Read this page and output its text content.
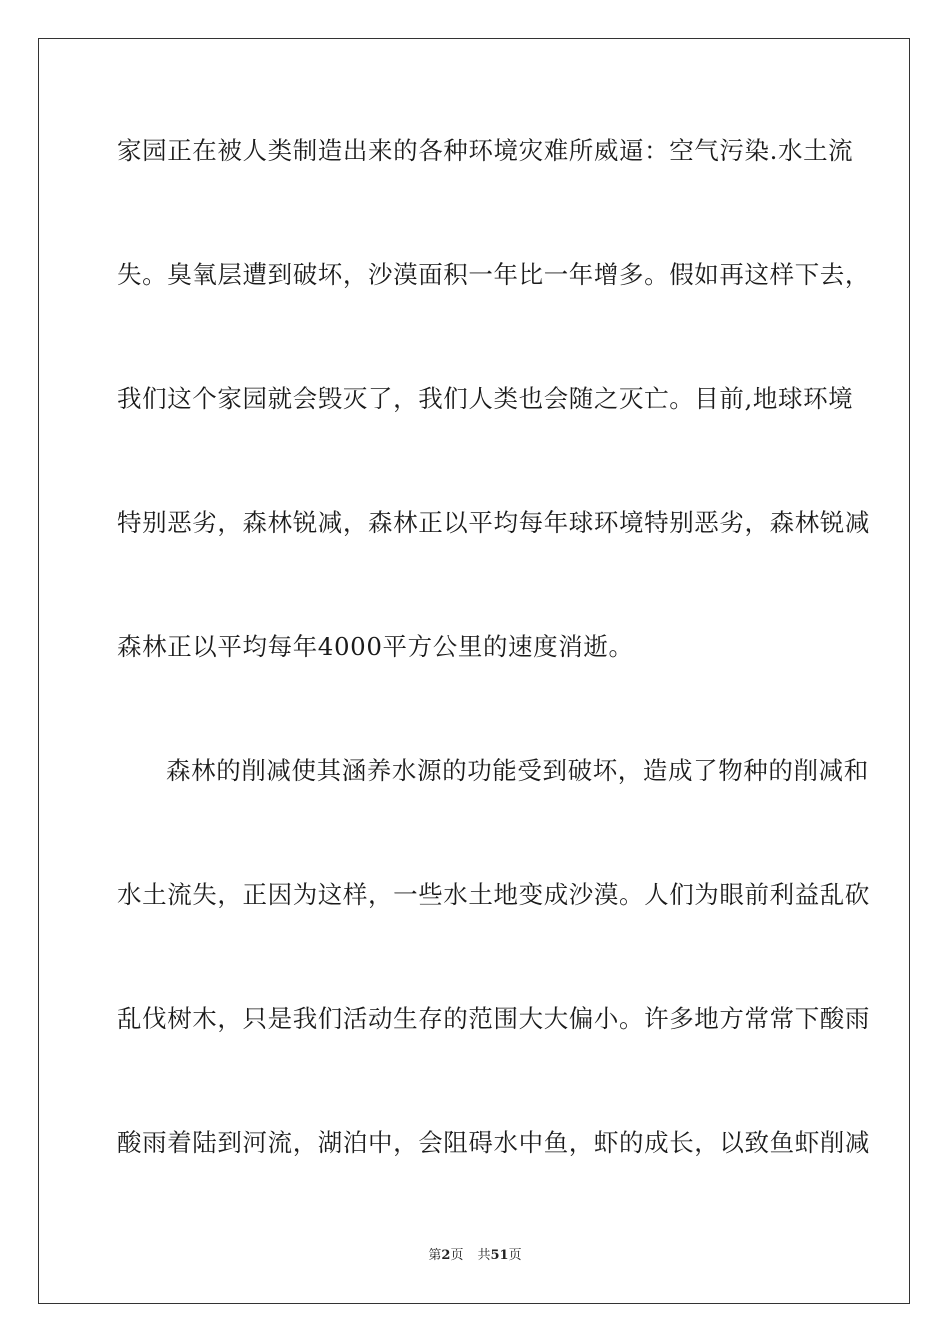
家园正在被人类制造出来的各种环境灾难所威逼：空气污染.水土流
失。臭氧层遭到破坏，沙漠面积一年比一年增多。假如再这样下去，
我们这个家园就会毁灭了，我们人类也会随之灭亡。目前,地球环境
特别恶劣，森林锐减，森林正以平均每年球环境特别恶劣，森林锐减
森林正以平均每年4000平方公里的速度消逝。
森林的削减使其涵养水源的功能受到破坏，造成了物种的削减和
水土流失，正因为这样，一些水土地变成沙漠。人们为眼前利益乱砍
乱伐树木，只是我们活动生存的范围大大偏小。许多地方常常下酸雨
酸雨着陆到河流，湖泊中，会阻碍水中鱼，虾的成长，以致鱼虾削减
第2页 共51页
